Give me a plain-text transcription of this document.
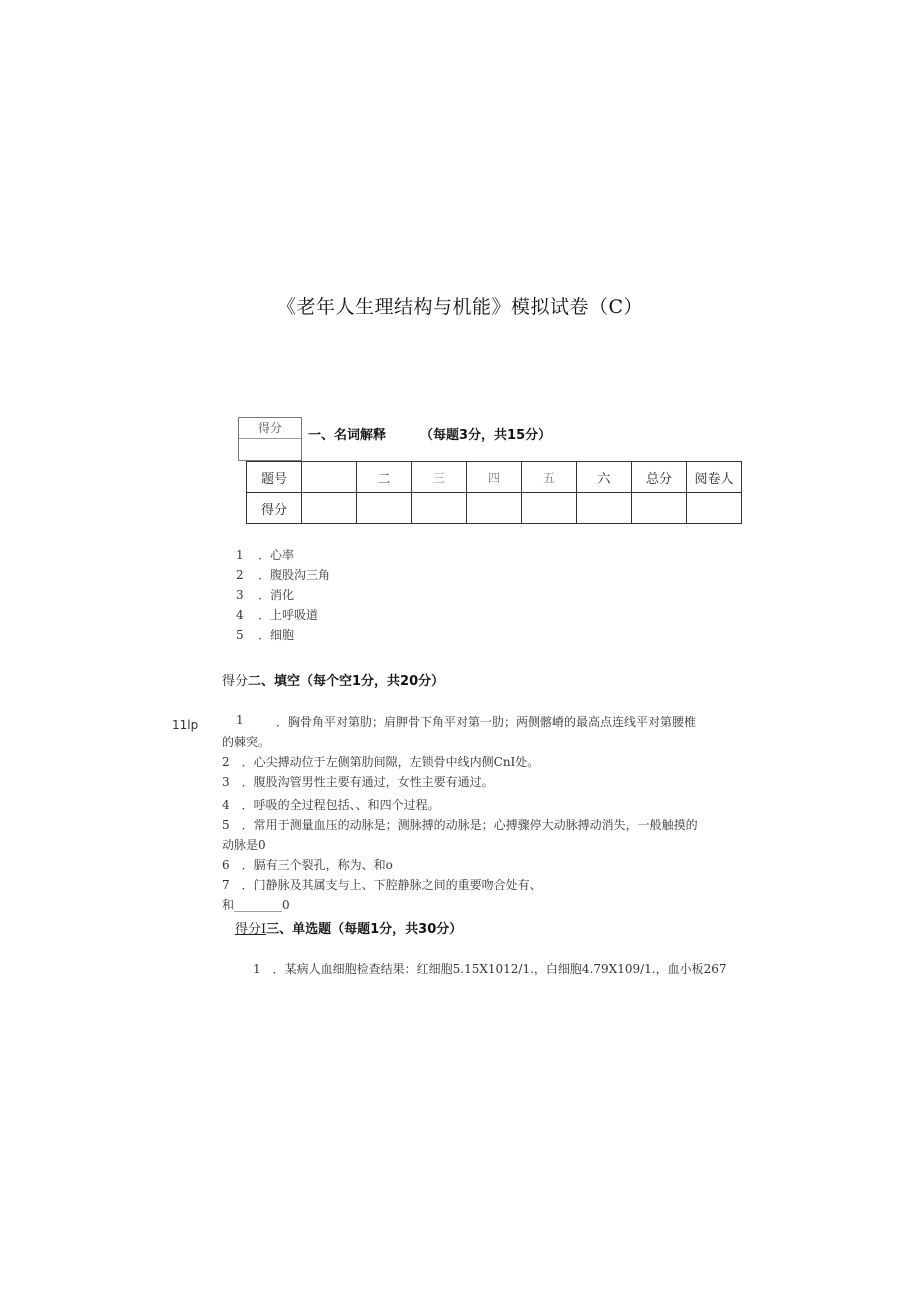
《老年人生理结构与机能》模拟试卷（C）
得分	一、名词解释	（每题3分，共15分）
题号		二	三	四	五	六	总分	阅卷人
得分								
1 ．心率
2 ．腹股沟三角
3 ．消化
4 ．上呼吸道
5 ．细胞
得分二、填空（每个空1分，共20分）
11lp	1	．胸骨角平对第肋；肩胛骨下角平对第一肋；两侧髂嵴的最高点连线平对第腰椎
的棘突。
2　．心尖搏动位于左侧第肋间隙，左锁骨中线内侧CnI处。
3　．腹股沟管男性主要有通过，女性主要有通过。
4　．呼吸的全过程包括、、和四个过程。
5　．常用于测量血压的动脉是；测脉搏的动脉是；心搏骤停大动脉搏动消失，一般触摸的
动脉是0
6　．膈有三个裂孔，称为、和o
7　．门静脉及其属支与上、下腔静脉之间的重要吻合处有、
和________0
得分I三、单选题（每题1分，共30分）
1　．某病人血细胞检查结果：红细胞5.15X1012/1.，白细胞4.79X109/1.，血小板267
